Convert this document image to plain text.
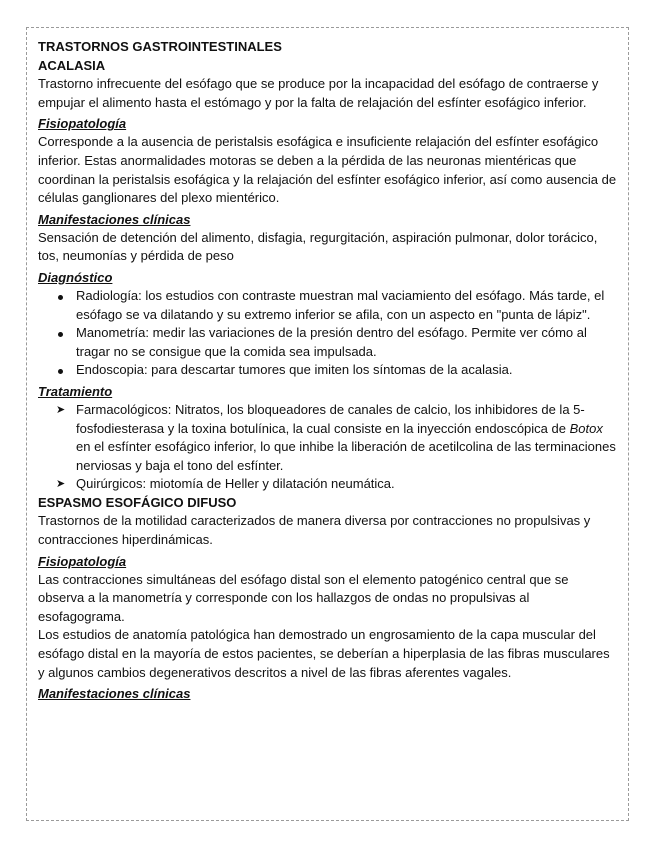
TRASTORNOS GASTROINTESTINALES
ACALASIA

Trastorno infrecuente del esófago que se produce por la incapacidad del esófago de contraerse y empujar el alimento hasta el estómago y por la falta de relajación del esfínter esofágico inferior.

Fisiopatología

Corresponde a la ausencia de peristalsis esofágica e insuficiente relajación del esfínter esofágico inferior. Estas anormalidades motoras se deben a la pérdida de las neuronas mientéricas que coordinan la peristalsis esofágica y la relajación del esfínter esofágico inferior, así como ausencia de células ganglionares del plexo mientérico.

Manifestaciones clínicas

Sensación de detención del alimento, disfagia, regurgitación, aspiración pulmonar, dolor torácico, tos, neumonías y pérdida de peso

Diagnóstico
Radiología: los estudios con contraste muestran mal vaciamiento del esófago. Más tarde, el esófago se va dilatando y su extremo inferior se afila, con un aspecto en "punta de lápiz".
Manometría: medir las variaciones de la presión dentro del esófago. Permite ver cómo al tragar no se consigue que la comida sea impulsada.
Endoscopia: para descartar tumores que imiten los síntomas de la acalasia.
Tratamiento
➤ Farmacológicos: Nitratos, los bloqueadores de canales de calcio, los inhibidores de la 5-fosfodiesterasa y la toxina botulínica, la cual consiste en la inyección endoscópica de Botox en el esfínter esofágico inferior, lo que inhibe la liberación de acetilcolina de las terminaciones nerviosas y baja el tono del esfínter.
➤ Quirúrgicos: miotomía de Heller y dilatación neumática.
ESPASMO ESOFÁGICO DIFUSO

Trastornos de la motilidad caracterizados de manera diversa por contracciones no propulsivas y contracciones hiperdinámicas.

Fisiopatología

Las contracciones simultáneas del esófago distal son el elemento patogénico central que se observa a la manometría y corresponde con los hallazgos de ondas no propulsivas al esofagograma.

Los estudios de anatomía patológica han demostrado un engrosamiento de la capa muscular del esófago distal en la mayoría de estos pacientes, se deberían a hiperplasia de las fibras musculares y algunos cambios degenerativos descritos a nivel de las fibras aferentes vagales.

Manifestaciones clínicas
